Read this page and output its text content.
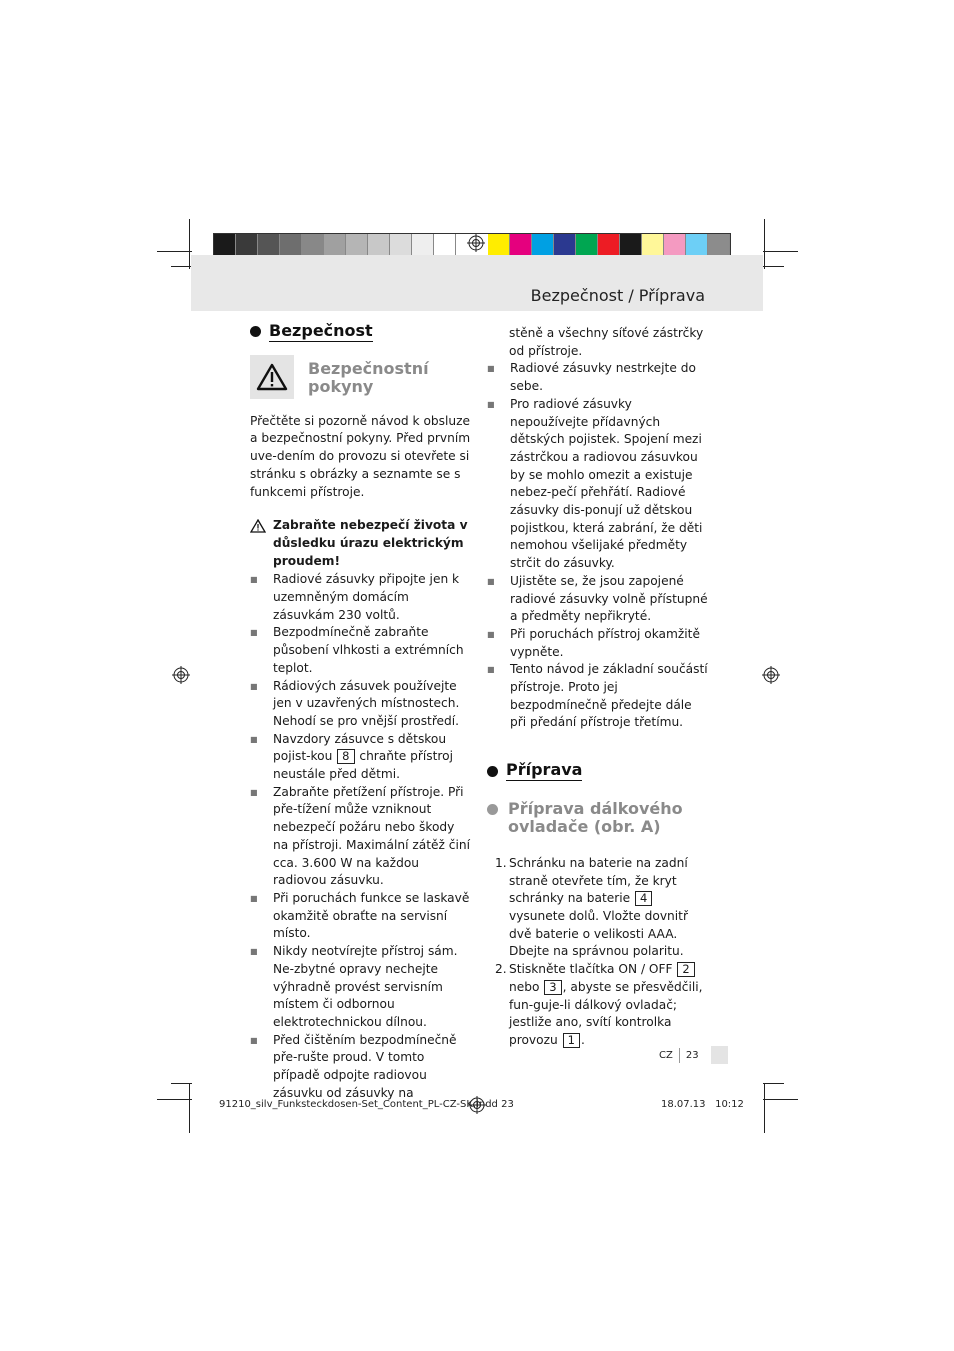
Bezpečnost / Příprava
Bezpečnost
Bezpečnostní pokyny

Přečtěte si pozorně návod k obsluze a bezpečnostní pokyny. Před prvním uve-dením do provozu si otevřete si stránku s obrázky a seznamte se s funkcemi přístroje.

Zabraňte nebezpečí života v důsledku úrazu elektrickým proudem!
■ Radiové zásuvky připojte jen k uzemněným domácím zásuvkám 230 voltů.
■ Bezpodmínečně zabraňte působení vlhkosti a extrémních teplot.
■ Rádiových zásuvek používejte jen v uzavřených místnostech. Nehodí se pro vnější prostředí.
■ Navzdory zásuvce s dětskou pojist-kou 8 chraňte přístroj neustále před dětmi.
■ Zabraňte přetížení přístroje. Při pře-tížení může vzniknout nebezpečí požáru nebo škody na přístroji. Maximální zátěž činí cca. 3.600 W na každou radiovou zásuvku.
■ Při poruchách funkce se laskavě okamžitě obraťte na servisní místo.
■ Nikdy neotvírejte přístroj sám. Ne-zbytné opravy nechejte výhradně provést servisním místem či odbornou elektrotechnickou dílnou.
■ Před čištěním bezpodmínečně pře-rušte proud. V tomto případě odpojte radiovou zásuvku od zásuvky na

stěně a všechny síťové zástrčky od přístroje.

■ Radiové zásuvky nestrkejte do sebe.
■ Pro radiové zásuvky nepoužívejte přídavných dětských pojistek. Spojení mezi zástrčkou a radiovou zásuvkou by se mohlo omezit a existuje nebez-pečí přehřátí. Radiové zásuvky dis-ponují už dětskou pojistkou, která zabrání, že děti nemohou všelijaké předměty strčit do zásuvky.
■ Ujistěte se, že jsou zapojené radiové zásuvky volně přístupné a předměty nepřikryté.
■ Při poruchách přístroj okamžitě vypněte.
■ Tento návod je základní součástí přístroje. Proto jej bezpodmínečně předejte dále při předání přístroje třetímu.
Příprava
Příprava dálkového ovladače (obr. A)
1. Schránku na baterie na zadní straně otevřete tím, že kryt schránky na baterie 4 vysunete dolů. Vložte dovnitř dvě baterie o velikosti AAA. Dbejte na správnou polaritu.
2. Stiskněte tlačítka ON / OFF 2 nebo 3 , abyste se přesvědčili, fun-guje-li dálkový ovladač; jestliže ano, svítí kontrolka provozu 1 .
CZ 23
91210_silv_Funksteckdosen-Set_Content_PL-CZ-SK.indd 23	18.07.13 10:12
